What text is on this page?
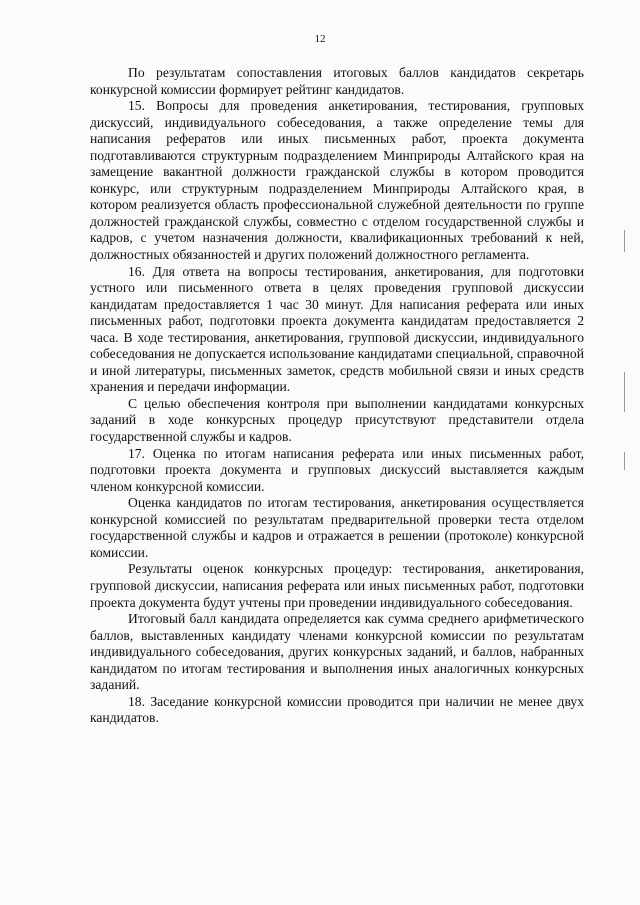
12

По результатам сопоставления итоговых баллов кандидатов секретарь конкурсной комиссии формирует рейтинг кандидатов.

15. Вопросы для проведения анкетирования, тестирования, групповых дискуссий, индивидуального собеседования, а также определение темы для написания рефератов или иных письменных работ, проекта документа подготавливаются структурным подразделением Минприроды Алтайского края на замещение вакантной должности гражданской службы в котором проводится конкурс, или структурным подразделением Минприроды Алтайского края, в котором реализуется область профессиональной служебной деятельности по группе должностей гражданской службы, совместно с отделом государственной службы и кадров, с учетом назначения должности, квалификационных требований к ней, должностных обязанностей и других положений должностного регламента.

16. Для ответа на вопросы тестирования, анкетирования, для подготовки устного или письменного ответа в целях проведения групповой дискуссии кандидатам предоставляется 1 час 30 минут. Для написания реферата или иных письменных работ, подготовки проекта документа кандидатам предоставляется 2 часа. В ходе тестирования, анкетирования, групповой дискуссии, индивидуального собеседования не допускается использование кандидатами специальной, справочной и иной литературы, письменных заметок, средств мобильной связи и иных средств хранения и передачи информации.

С целью обеспечения контроля при выполнении кандидатами конкурсных заданий в ходе конкурсных процедур присутствуют представители отдела государственной службы и кадров.

17. Оценка по итогам написания реферата или иных письменных работ, подготовки проекта документа и групповых дискуссий выставляется каждым членом конкурсной комиссии.

Оценка кандидатов по итогам тестирования, анкетирования осуществляется конкурсной комиссией по результатам предварительной проверки теста отделом государственной службы и кадров и отражается в решении (протоколе) конкурсной комиссии.

Результаты оценок конкурсных процедур: тестирования, анкетирования, групповой дискуссии, написания реферата или иных письменных работ, подготовки проекта документа будут учтены при проведении индивидуального собеседования.

Итоговый балл кандидата определяется как сумма среднего арифметического баллов, выставленных кандидату членами конкурсной комиссии по результатам индивидуального собеседования, других конкурсных заданий, и баллов, набранных кандидатом по итогам тестирования и выполнения иных аналогичных конкурсных заданий.

18. Заседание конкурсной комиссии проводится при наличии не менее двух кандидатов.
